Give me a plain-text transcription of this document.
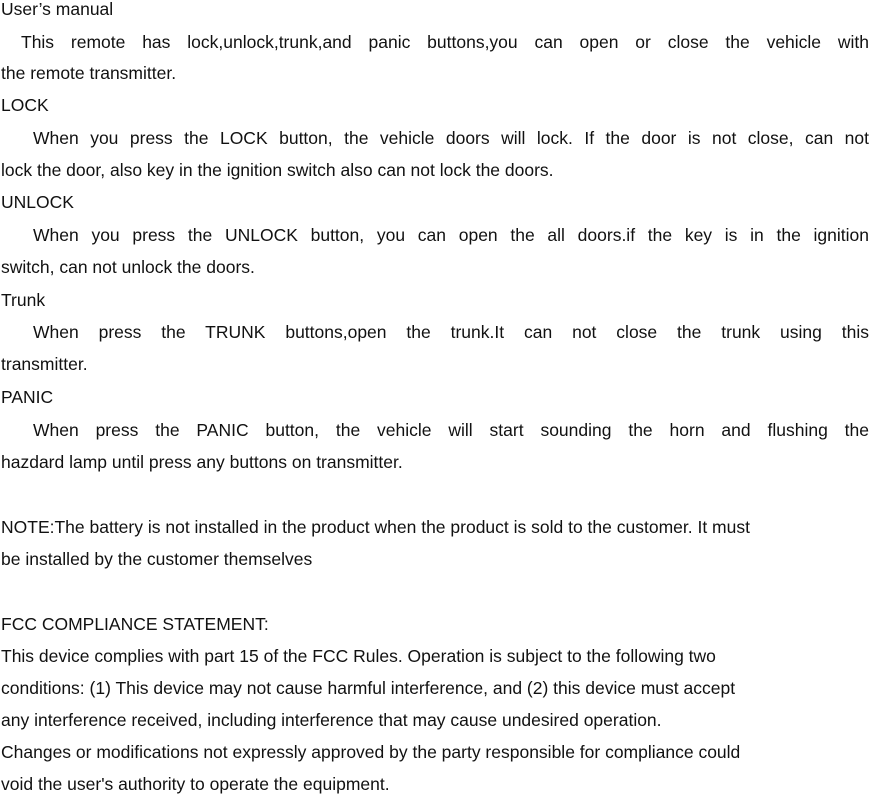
User’s manual
This remote has lock,unlock,trunk,and panic buttons,you can open or close the vehicle with
the remote transmitter.
LOCK
When you press the LOCK button, the vehicle doors will lock. If the door is not close, can not
lock the door, also key in the ignition switch also can not lock the doors.
UNLOCK
When you press the UNLOCK button, you can open the all doors.if the key is in the ignition
switch, can not unlock the doors.
Trunk
When press the TRUNK buttons,open the trunk.It can not close the trunk using this
transmitter.
PANIC
When press the PANIC button, the vehicle will start sounding the horn and flushing the
hazdard lamp until press any buttons on transmitter.
NOTE:The battery is not installed in the product when the product is sold to the customer. It must
be installed by the customer themselves
FCC COMPLIANCE STATEMENT:
This device complies with part 15 of the FCC Rules. Operation is subject to the following two
conditions: (1) This device may not cause harmful interference, and (2) this device must accept
any interference received, including interference that may cause undesired operation.
Changes or modifications not expressly approved by the party responsible for compliance could
void the user's authority to operate the equipment.
